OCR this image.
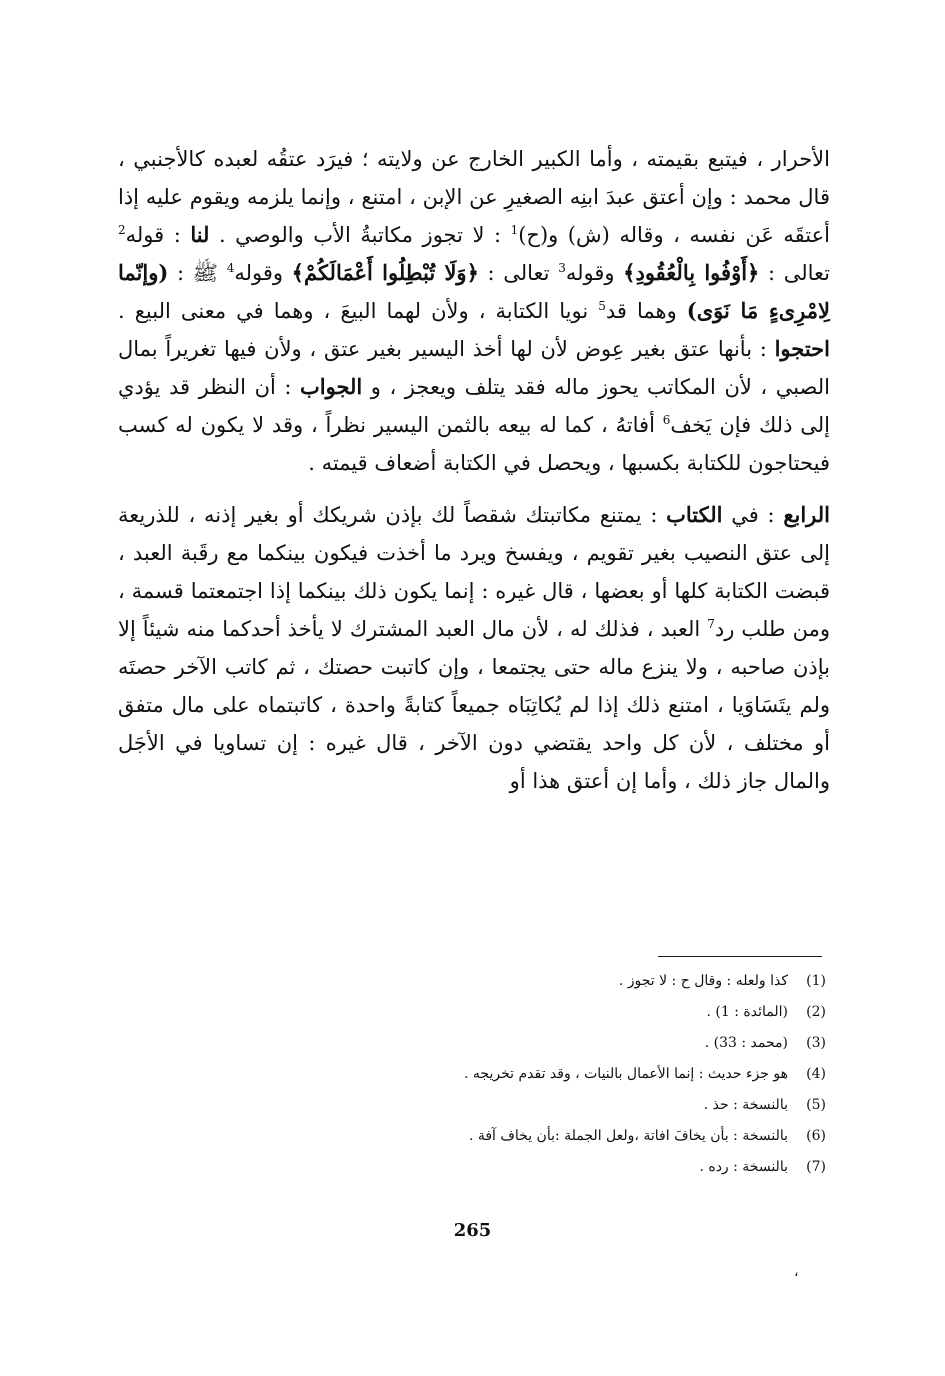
الأحرار ، فيتبع بقيمته ، وأما الكبير الخارج عن ولايته ؛ فيرَد عتقُه لعبده كالأجنبي ، قال محمد : وإن أعتق عبدَ ابنِه الصغيرِ عن الإبن ، امتنع ، وإنما يلزمه ويقوم عليه إذا أعتقَه عَن نفسه ، وقاله (ش) و(ح)$^1$ : لا تجوز مكاتبةُ الأب والوصي . لنا : قوله$^2$ تعالى : ﴿أَوْفُوا بِالْعُقُودِ﴾ وقوله$^3$ تعالى : ﴿وَلَا تُبْطِلُوا أَعْمَالَكُمْ﴾ وقوله$^4$ ﷺ : (وإنّما لِامْرِىءٍ مَا نَوَى) وهما قد$^5$ نويا الكتابة ، ولأن لهما البيعَ ، وهما في معنى البيع . احتجوا : بأنها عتق بغير عِوض لأن لها أخذ اليسير بغير عتق ، ولأن فيها تغريراً بمال الصبي ، لأن المكاتب يحوز ماله فقد يتلف ويعجز ، و الجواب : أن النظر قد يؤدي إلى ذلك فإن يَخف$^6$ أفاتهُ ، كما له بيعه بالثمن اليسير نظراً ، وقد لا يكون له كسب فيحتاجون للكتابة بكسبها ، ويحصل في الكتابة أضعاف قيمته .

الرابع : في الكتاب : يمتنع مكاتبتك شقصاً لك بإذن شريكك أو بغير إذنه ، للذريعة إلى عتق النصيب بغير تقويم ، ويفسخ ويرد ما أخذت فيكون بينكما مع رقَبة العبد ، قبضت الكتابة كلها أو بعضها ، قال غيره : إنما يكون ذلك بينكما إذا اجتمعتما قسمة ، ومن طلب رد$^7$ العبد ، فذلك له ، لأن مال العبد المشترك لا يأخذ أحدكما منه شيئاً إلا بإذن صاحبه ، ولا ينزع ماله حتى يجتمعا ، وإن كاتبت حصتك ، ثم كاتب الآخر حصتَه ولم يتَسَاوَيا ، امتنع ذلك إذا لم يُكاتِبَاه جميعاً كتابةً واحدة ، كاتبتماه على مال متفق أو مختلف ، لأن كل واحد يقتضي دون الآخر ، قال غيره : إن تساويا في الأجَل والمال جاز ذلك ، وأما إن أعتق هذا أو

(1)
كذا ولعله : وقال ح : لا تجوز .
(2)
(المائدة : 1) .
(3)
(محمد : 33) .
(4)
هو جزء حديث : إنما الأعمال بالنيات ، وقد تقدم تخريجه .
(5)
بالنسخة : حذ .
(6)
بالنسخة : بأن يخافَ افاتة ،ولعل الجملة :بأن يخاف آفة .
(7)
بالنسخة : رده .
265
،
